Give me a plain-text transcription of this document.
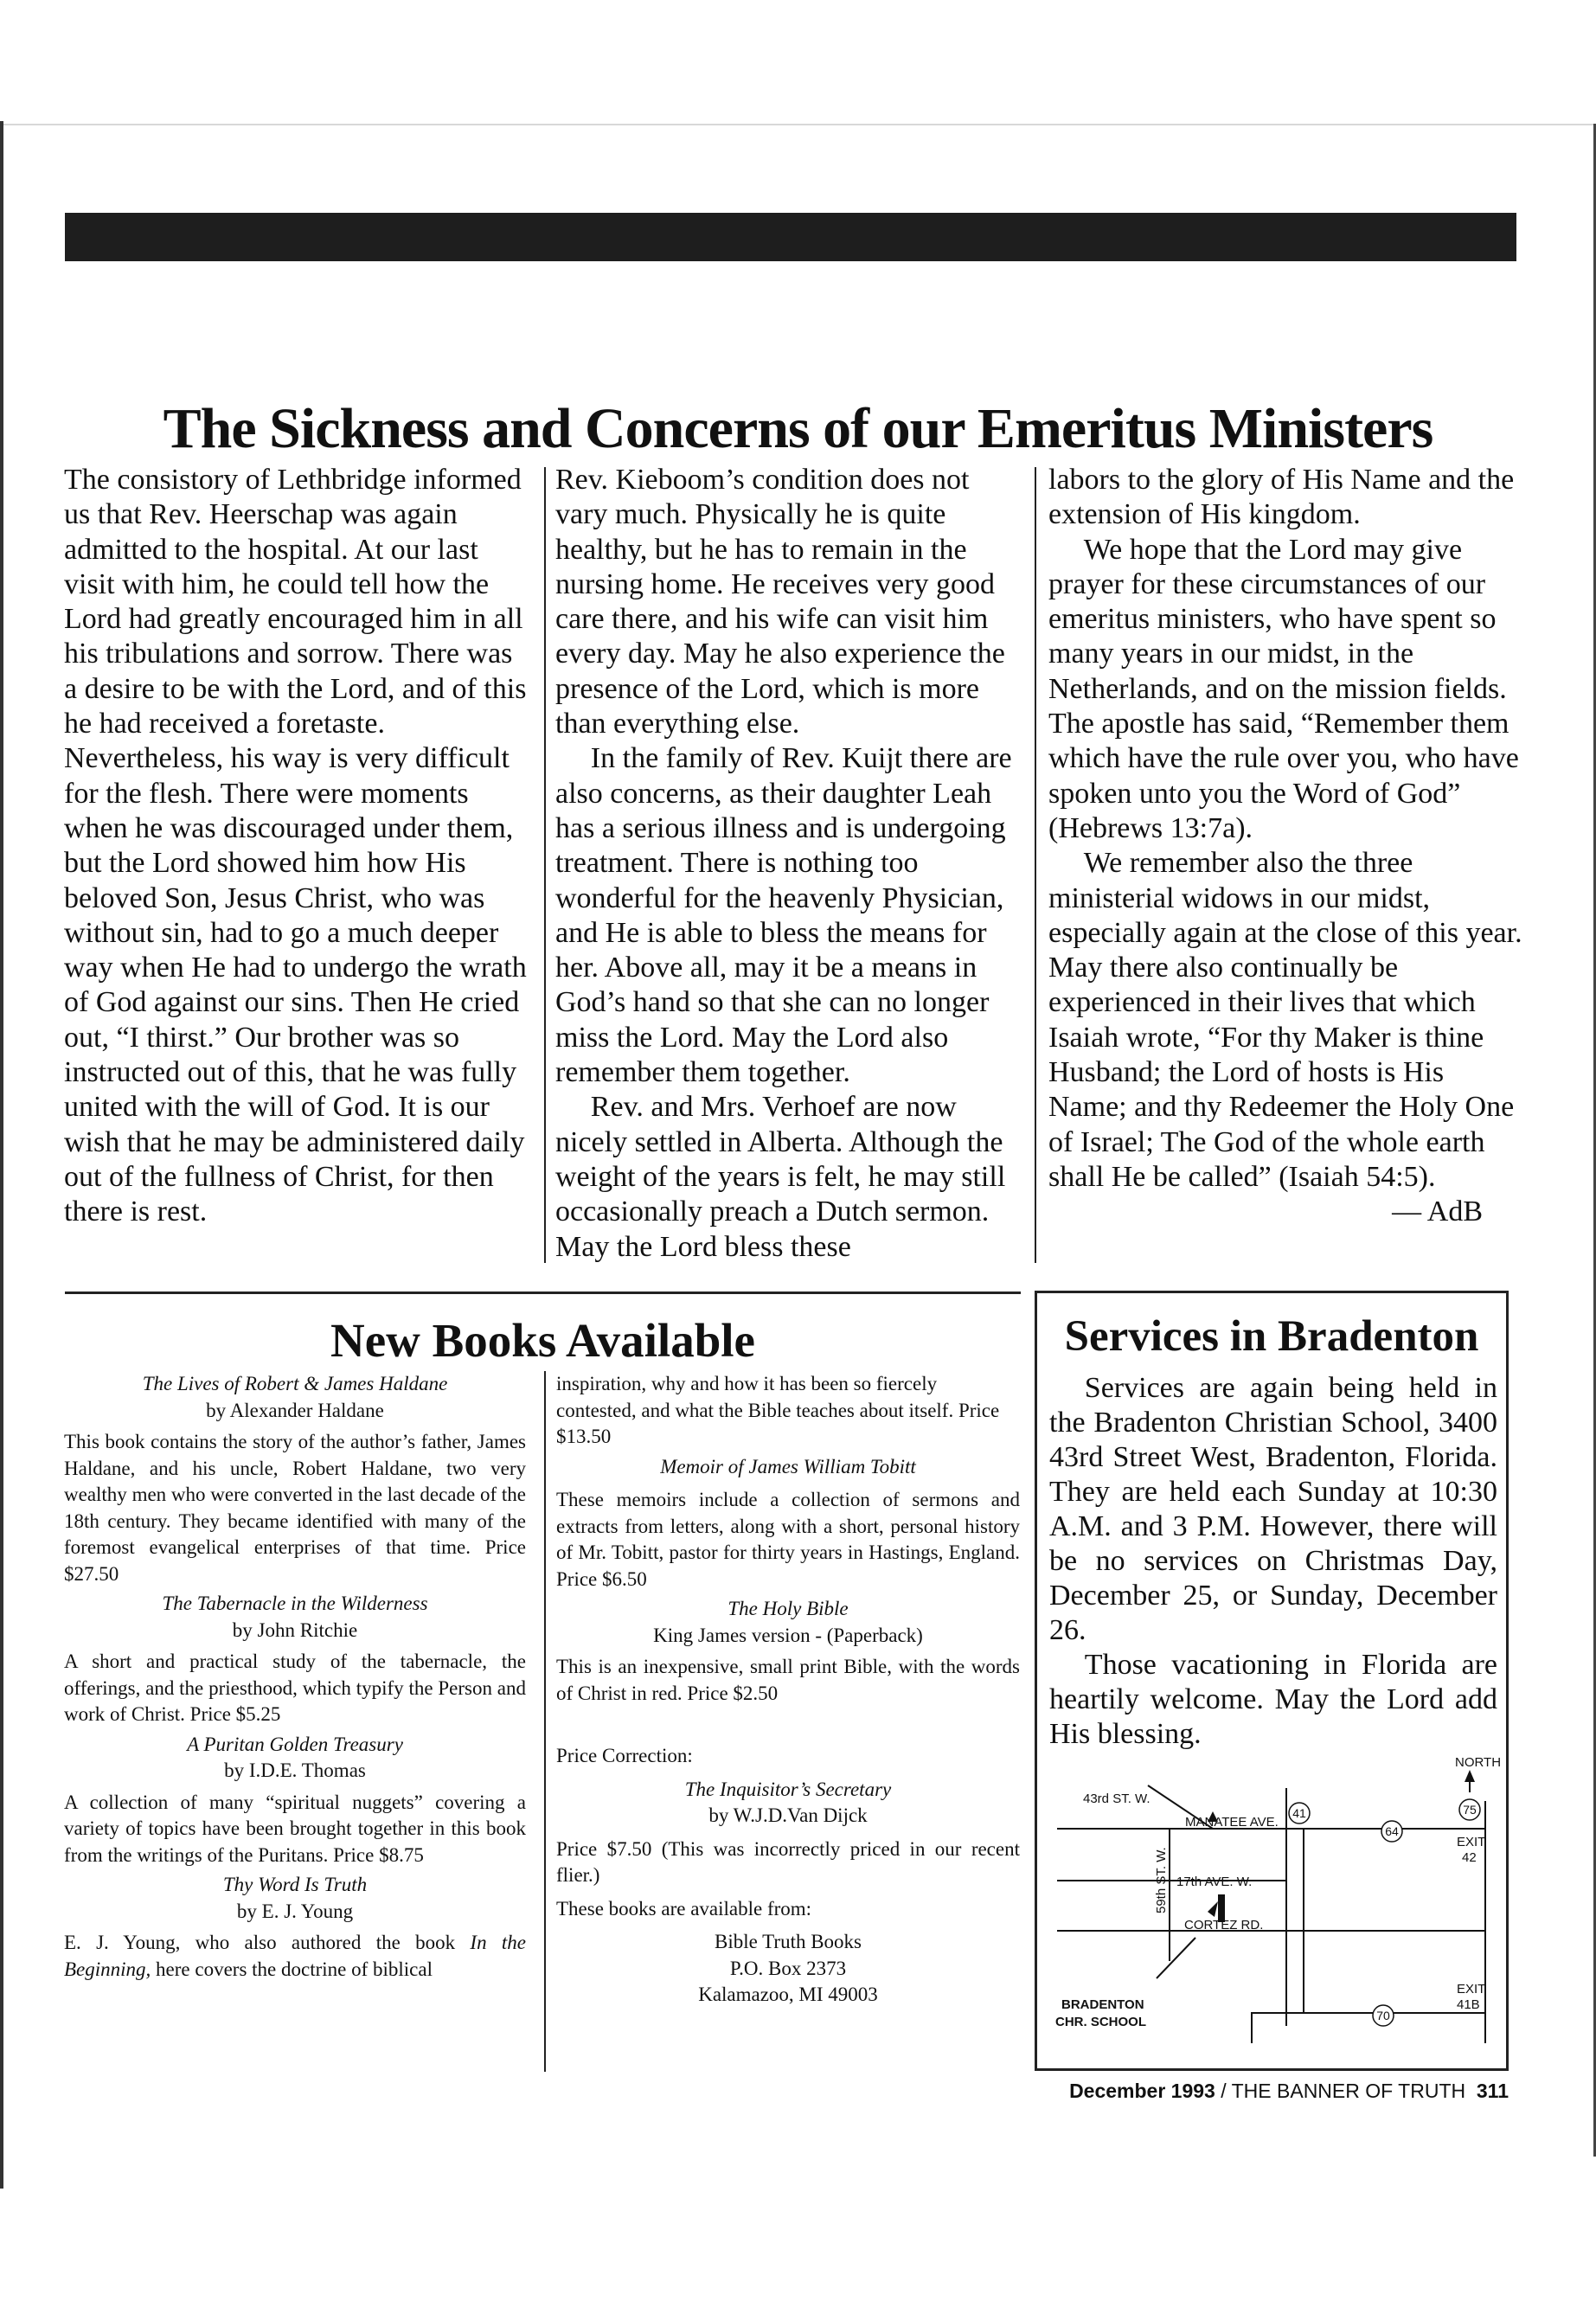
The Sickness and Concerns of our Emeritus Ministers

The consistory of Lethbridge informed us that Rev. Heerschap was again admitted to the hospital. At our last visit with him, he could tell how the Lord had greatly encouraged him in all his tribulations and sorrow. There was a desire to be with the Lord, and of this he had received a foretaste. Nevertheless, his way is very difficult for the flesh. There were moments when he was discouraged under them, but the Lord showed him how His beloved Son, Jesus Christ, who was without sin, had to go a much deeper way when He had to undergo the wrath of God against our sins. Then He cried out, “I thirst.” Our brother was so instructed out of this, that he was fully united with the will of God. It is our wish that he may be administered daily out of the fullness of Christ, for then there is rest.

Rev. Kieboom’s condition does not vary much. Physically he is quite healthy, but he has to remain in the nursing home. He receives very good care there, and his wife can visit him every day. May he also experience the presence of the Lord, which is more than everything else.

In the family of Rev. Kuijt there are also concerns, as their daughter Leah has a serious illness and is undergoing treatment. There is nothing too wonderful for the heavenly Physician, and He is able to bless the means for her. Above all, may it be a means in God’s hand so that she can no longer miss the Lord. May the Lord also remember them together.

Rev. and Mrs. Verhoef are now nicely settled in Alberta. Although the weight of the years is felt, he may still occasionally preach a Dutch sermon. May the Lord bless these

labors to the glory of His Name and the extension of His kingdom.

We hope that the Lord may give prayer for these circumstances of our emeritus ministers, who have spent so many years in our midst, in the Netherlands, and on the mission fields. The apostle has said, “Remember them which have the rule over you, who have spoken unto you the Word of God” (Hebrews 13:7a).

We remember also the three ministerial widows in our midst, especially again at the close of this year. May there also continually be experienced in their lives that which Isaiah wrote, “For thy Maker is thine Husband; the Lord of hosts is His Name; and thy Redeemer the Holy One of Israel; The God of the whole earth shall He be called” (Isaiah 54:5).

— AdB

New Books Available
The Lives of Robert & James Haldane
by Alexander Haldane
This book contains the story of the author’s father, James Haldane, and his uncle, Robert Haldane, two very wealthy men who were converted in the last decade of the 18th century. They became identified with many of the foremost evangelical enterprises of that time. Price $27.50
The Tabernacle in the Wilderness
by John Ritchie
A short and practical study of the tabernacle, the offerings, and the priesthood, which typify the Person and work of Christ. Price $5.25
A Puritan Golden Treasury
by I.D.E. Thomas
A collection of many “spiritual nuggets” covering a variety of topics have been brought together in this book from the writings of the Puritans. Price $8.75
Thy Word Is Truth
by E. J. Young
E. J. Young, who also authored the book In the Beginning, here covers the doctrine of biblical
inspiration, why and how it has been so fiercely contested, and what the Bible teaches about itself. Price $13.50
Memoir of James William Tobitt
These memoirs include a collection of sermons and extracts from letters, along with a short, personal history of Mr. Tobitt, pastor for thirty years in Hastings, England. Price $6.50
The Holy Bible
King James version - (Paperback)
This is an inexpensive, small print Bible, with the words of Christ in red. Price $2.50
Price Correction:
The Inquisitor’s Secretary
by W.J.D.Van Dijck
Price $7.50 (This was incorrectly priced in our recent flier.)
These books are available from:
Bible Truth Books
P.O. Box 2373
Kalamazoo, MI 49003
Services in Bradenton

Services are again being held in the Bradenton Christian School, 3400 43rd Street West, Bradenton, Florida. They are held each Sunday at 10:30 A.M. and 3 P.M. However, there will be no services on Christmas Day, December 25, or Sunday, December 26.

Those vacationing in Florida are heartily welcome. May the Lord add His blessing.

NORTH
43rd ST. W.
MANATEE AVE.
17th AVE. W.
CORTEZ RD.
59th ST. W.
BRADENTON
CHR. SCHOOL
EXIT
42
EXIT
41B
41
64
75
70
December 1993 / THE BANNER OF TRUTH 311
